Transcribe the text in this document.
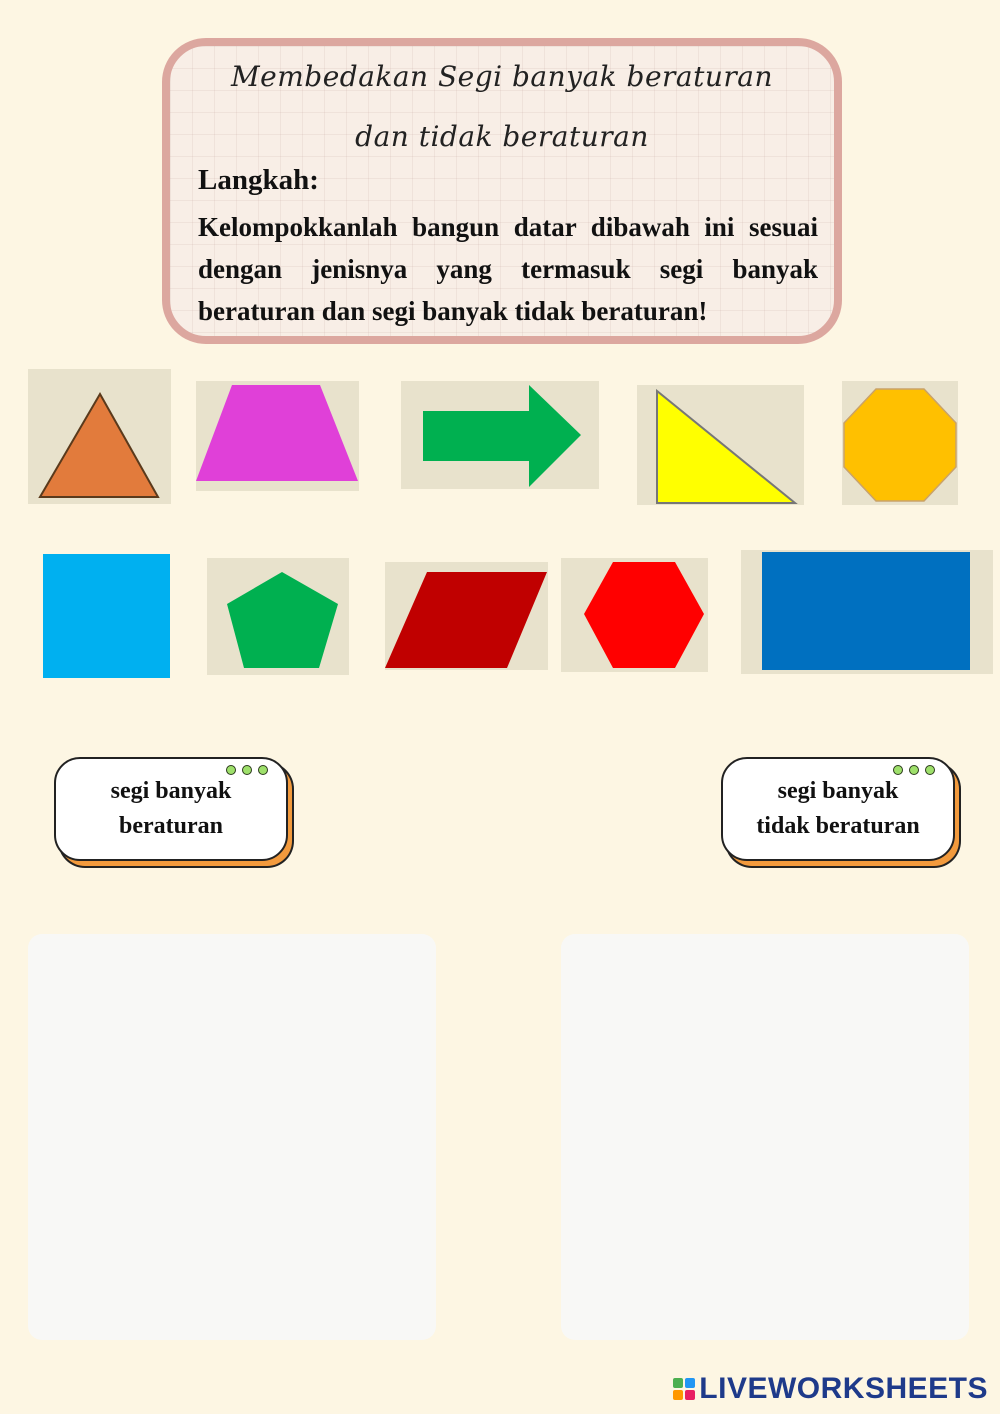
Membedakan Segi banyak beraturan
dan tidak beraturan
Langkah:
Kelompokkanlah bangun datar dibawah ini sesuai dengan jenisnya yang termasuk segi banyak beraturan dan segi banyak tidak beraturan!
segi banyak
beraturan
segi banyak
tidak beraturan
LIVEWORKSHEETS
